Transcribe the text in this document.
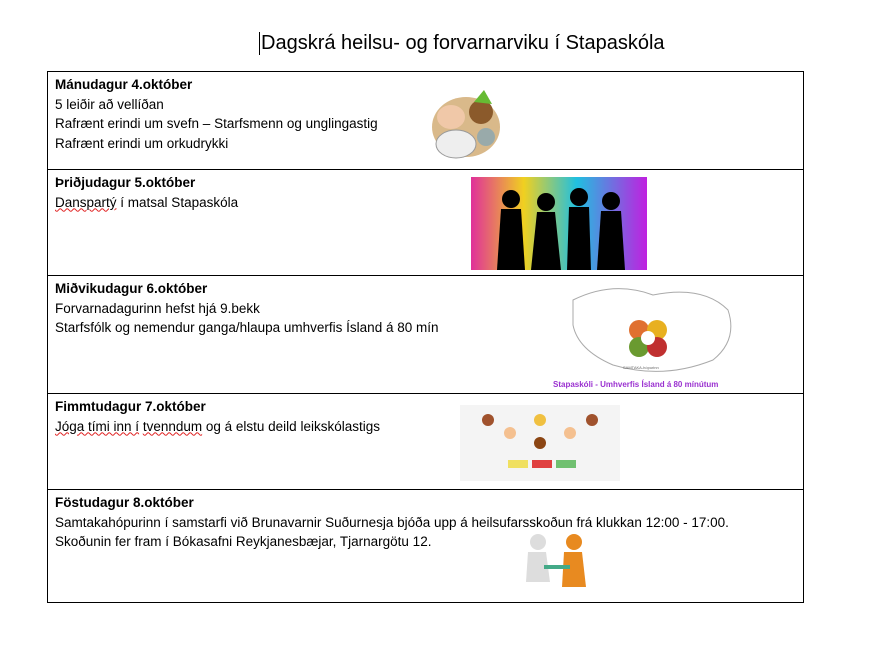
Dagskrá heilsu- og forvarnarviku í Stapaskóla
Mánudagur 4.október
5 leiðir að vellíðan
Rafrænt erindi um svefn – Starfsmenn og unglingastig
Rafrænt erindi um orkudrykki

Þriðjudagur 5.október
Danspartý í matsal Stapaskóla

Miðvikudagur 6.október
Forvarnadagurinn hefst hjá 9.bekk
Starfsfólk og nemendur ganga/hlaupa umhverfis Ísland á 80 mín
SAMTAKA-hópurinn
Stapaskóli - Umhverfis Ísland á 80 mínútum

Fimmtudagur 7.október
Jóga tími inn í tvenndum og á elstu deild leikskólastigs

Föstudagur 8.október
Samtakahópurinn í samstarfi við Brunavarnir Suðurnesja bjóða upp á heilsufarsskoðun frá klukkan 12:00 - 17:00.
Skoðunin fer fram í Bókasafni Reykjanesbæjar, Tjarnargötu 12.
